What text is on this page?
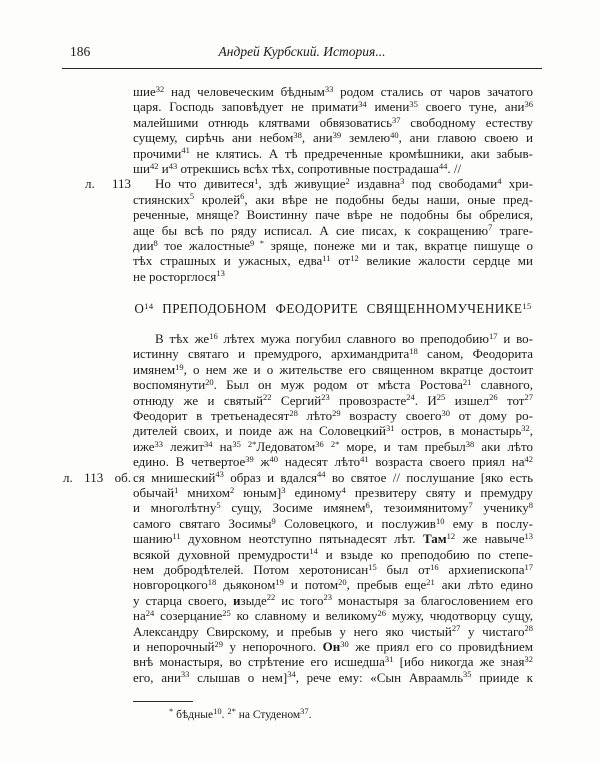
186	Андрей Курбский. История...
шие$^{32}$ над человеческим бѣдным$^{33}$ родом стались от чаров зачатого
царя. Господь заповѣдует не примати$^{34}$ имени$^{35}$ своего туне, ани$^{36}$
малейшими отнюдь клятвами обвязоватись$^{37}$ свободному естеству
сущему, сирѣчь ани небом$^{38}$, ани$^{39}$ землею$^{40}$, ани главою своею и
прочими$^{41}$ не клятись. А тѣ предреченные кромѣшники, аки забыв-
ши$^{42}$ и$^{43}$ отрекшись всѣх тѣх, сопротивные пострадаша$^{44}$. //
л. 113 Но что дивитеся$^1$, здѣ живущие$^2$ издавна$^3$ под свободами$^4$ хри-
стиянских$^5$ кролей$^6$, аки вѣре не подобны беды наши, оные пред-
реченные, мняще? Воистинну паче вѣре не подобны бы обрелися,
аще бы всѣ по ряду исписал. А сие писах, к сокращению$^7$ траге-
дии$^8$ тое жалостные$^{9 *}$ зряще, понеже ми и так, вкратце пишуще о
тѣх страшных и ужасных, едва$^{11}$ от$^{12}$ великие жалости сердце ми
не росторглося$^{13}$
О$^{14}$ ПРЕПОДОБНОМ ФЕОДОРИТЕ СВЯЩЕННОМУЧЕНИКЕ$^{15}$
В тѣх же$^{16}$ лѣтех мужа погубил славного во преподобию$^{17}$ и во-
истинну святаго и премудрого, архимандрита$^{18}$ саном, Феодорита
имянем$^{19}$, о нем же и о жительстве его священном вкратце достоит
воспомянути$^{20}$. Был он муж родом от мѣста Ростова$^{21}$ славного,
отнюду же и святый$^{22}$ Сергий$^{23}$ провозрасте$^{24}$. И$^{25}$ изшел$^{26}$ тот$^{27}$
Феодорит в третьенадесят$^{28}$ лѣто$^{29}$ возрасту своего$^{30}$ от дому ро-
дителей своих, и поиде аж на Соловецкий$^{31}$ остров, в монастырь$^{32}$,
иже$^{33}$ лежит$^{34}$ на$^{35}$ $^{2*}$Ледоватом$^{36}$ $^{2*}$ море, и там пребыл$^{38}$ аки лѣто
едино. В четвертое$^{39}$ ж$^{40}$ надесят лѣто$^{41}$ возраста своего приял на$^{42}$
л. 113 об. ся мнишеский$^{43}$ образ и вдался$^{44}$ во святое // послушание [яко есть
обычай$^1$ мнихом$^2$ юным]$^3$ единому$^4$ презвитеру святу и премудру
и многолѣтну$^5$ сущу, Зосиме имянем$^6$, тезоимянитому$^7$ ученику$^8$
самого святаго Зосимы$^9$ Соловецкого, и послужив$^{10}$ ему в послу-
шанию$^{11}$ духовном неотступно пятьнадесят лѣт. Там$^{12}$ же навыче$^{13}$
всякой духовной премудрости$^{14}$ и взыде ко преподобию по степе-
нем добродѣтелей. Потом херотонисан$^{15}$ был от$^{16}$ архиепископа$^{17}$
новгороцкого$^{18}$ дьяконом$^{19}$ и потом$^{20}$, пребыв еще$^{21}$ аки лѣто едино
у старца своего, изыде$^{22}$ ис того$^{23}$ монастыря за благословением его
на$^{24}$ созерцание$^{25}$ ко славному и великому$^{26}$ мужу, чюдотворцу сущу,
Александру Свирскому, и пребыв у него яко чистый$^{27}$ у чистаго$^{28}$
и непорочный$^{29}$ у непорочного. Он$^{30}$ же приял его со провидѣнием
внѣ монастыря, во стрѣтение его исшедша$^{31}$ [ибо никогда же зная$^{32}$
его, ани$^{33}$ слышав о нем]$^{34}$, рече ему: «Сын Авраамль$^{35}$ прииде к
* бѣдные$^{10}$. $^{2*}$ на Студеном$^{37}$.
